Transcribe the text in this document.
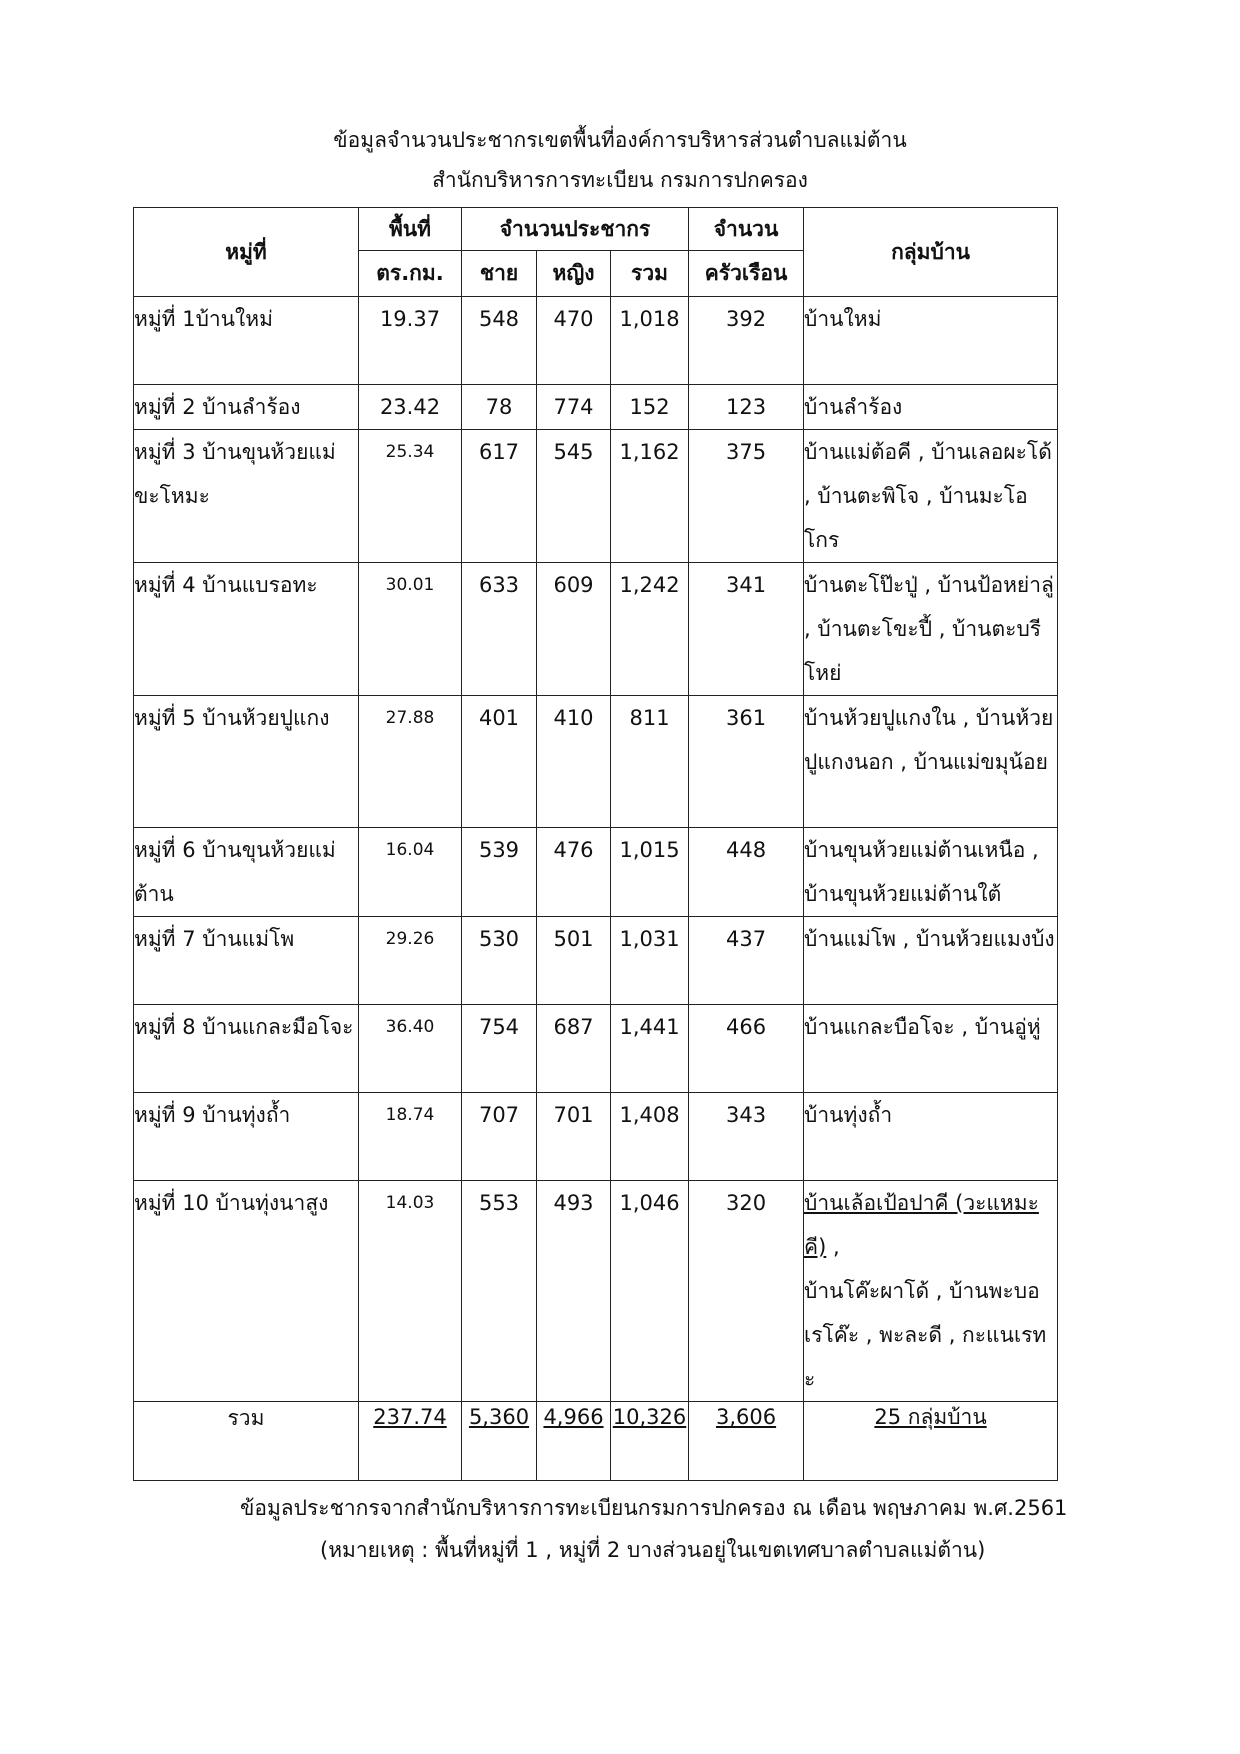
ข้อมูลจำนวนประชากรเขตพื้นที่องค์การบริหารส่วนตำบลแม่ต้าน
สำนักบริหารการทะเบียน กรมการปกครอง
หมู่ที่	พื้นที่	จำนวนประชากร			จำนวน	กลุ่มบ้าน
	ตร.กม.	ชาย	หญิง	รวม	ครัวเรือน	
หมู่ที่ 1บ้านใหม่	19.37	548	470	1,018	392	บ้านใหม่
หมู่ที่ 2 บ้านลำร้อง	23.42	78	774	152	123	บ้านลำร้อง
หมู่ที่ 3 บ้านขุนห้วยแม่ขะโหมะ	25.34	617	545	1,162	375	บ้านแม่ต้อคี , บ้านเลอผะโด้ , บ้านตะพิโจ , บ้านมะโอโกร
หมู่ที่ 4 บ้านแบรอทะ	30.01	633	609	1,242	341	บ้านตะโป๊ะปู่ , บ้านป้อหย่าลู่ , บ้านตะโขะปี้ , บ้านตะบรีโหย่
หมู่ที่ 5 บ้านห้วยปูแกง	27.88	401	410	811	361	บ้านห้วยปูแกงใน , บ้านห้วยปูแกงนอก , บ้านแม่ขมุน้อย
หมู่ที่ 6 บ้านขุนห้วยแม่ต้าน	16.04	539	476	1,015	448	บ้านขุนห้วยแม่ต้านเหนือ , บ้านขุนห้วยแม่ต้านใต้
หมู่ที่ 7 บ้านแม่โพ	29.26	530	501	1,031	437	บ้านแม่โพ , บ้านห้วยแมงบ้ง
หมู่ที่ 8 บ้านแกละมือโจะ	36.40	754	687	1,441	466	บ้านแกละบือโจะ , บ้านอู่หู่
หมู่ที่ 9 บ้านทุ่งถ้ำ	18.74	707	701	1,408	343	บ้านทุ่งถ้ำ
หมู่ที่ 10 บ้านทุ่งนาสูง	14.03	553	493	1,046	320	บ้านเล้อเป้อปาคี (วะแหมะคี) ,
บ้านโค๊ะผาโด้ , บ้านพะบอเรโค๊ะ , พะละดี , กะแนเรทะ
รวม	237.74	5,360	4,966	10,326	3,606	25 กลุ่มบ้าน
ข้อมูลประชากรจากสำนักบริหารการทะเบียนกรมการปกครอง ณ เดือน พฤษภาคม พ.ศ.2561
(หมายเหตุ : พื้นที่หมู่ที่ 1 , หมู่ที่ 2 บางส่วนอยู่ในเขตเทศบาลตำบลแม่ต้าน)
